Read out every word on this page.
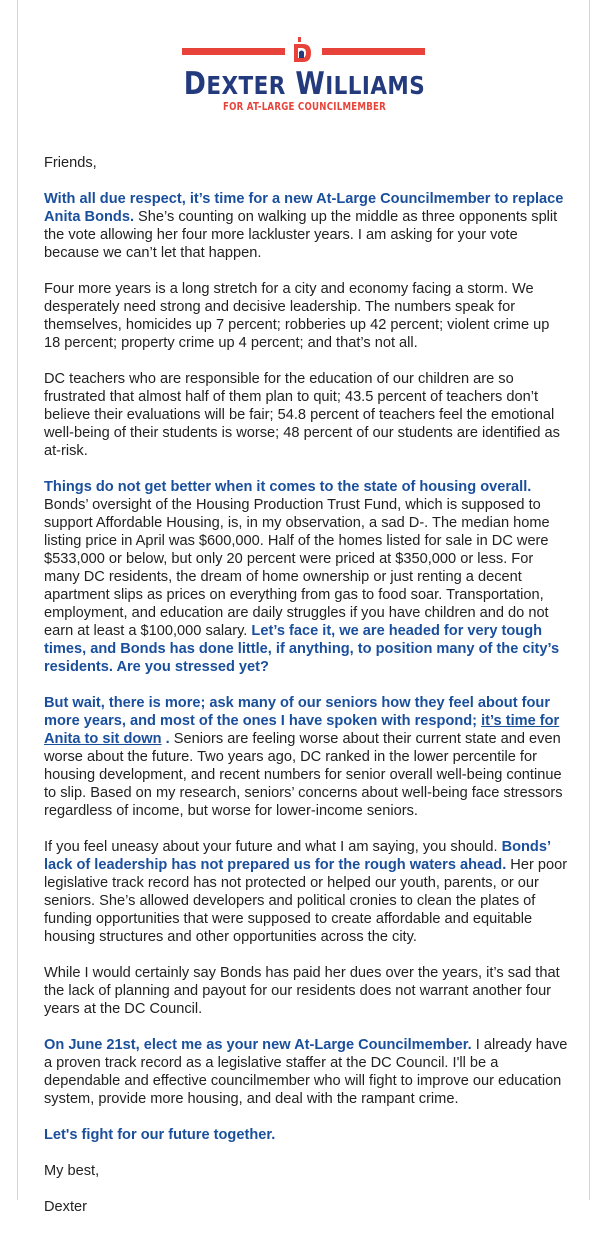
DEXTER WILLIAMS
FOR AT-LARGE COUNCILMEMBER

Friends,

With all due respect, it’s time for a new At-Large Councilmember to replace Anita Bonds. She’s counting on walking up the middle as three opponents split the vote allowing her four more lackluster years. I am asking for your vote because we can’t let that happen.

Four more years is a long stretch for a city and economy facing a storm. We desperately need strong and decisive leadership. The numbers speak for themselves, homicides up 7 percent; robberies up 42 percent; violent crime up 18 percent; property crime up 4 percent; and that’s not all.

DC teachers who are responsible for the education of our children are so frustrated that almost half of them plan to quit; 43.5 percent of teachers don’t believe their evaluations will be fair; 54.8 percent of teachers feel the emotional well-being of their students is worse; 48 percent of our students are identified as at-risk.

Things do not get better when it comes to the state of housing overall. Bonds’ oversight of the Housing Production Trust Fund, which is supposed to support Affordable Housing, is, in my observation, a sad D-. The median home listing price in April was $600,000. Half of the homes listed for sale in DC were $533,000 or below, but only 20 percent were priced at $350,000 or less. For many DC residents, the dream of home ownership or just renting a decent apartment slips as prices on everything from gas to food soar. Transportation, employment, and education are daily struggles if you have children and do not earn at least a $100,000 salary. Let’s face it, we are headed for very tough times, and Bonds has done little, if anything, to position many of the city’s residents. Are you stressed yet?

But wait, there is more; ask many of our seniors how they feel about four more years, and most of the ones I have spoken with respond; it’s time for Anita to sit down . Seniors are feeling worse about their current state and even worse about the future. Two years ago, DC ranked in the lower percentile for housing development, and recent numbers for senior overall well-being continue to slip. Based on my research, seniors’ concerns about well-being face stressors regardless of income, but worse for lower-income seniors.

If you feel uneasy about your future and what I am saying, you should. Bonds’ lack of leadership has not prepared us for the rough waters ahead. Her poor legislative track record has not protected or helped our youth, parents, or our seniors. She’s allowed developers and political cronies to clean the plates of funding opportunities that were supposed to create affordable and equitable housing structures and other opportunities across the city.

While I would certainly say Bonds has paid her dues over the years, it’s sad that the lack of planning and payout for our residents does not warrant another four years at the DC Council.

On June 21st, elect me as your new At-Large Councilmember. I already have a proven track record as a legislative staffer at the DC Council. I'll be a dependable and effective councilmember who will fight to improve our education system, provide more housing, and deal with the rampant crime.

Let's fight for our future together.

My best,

Dexter
